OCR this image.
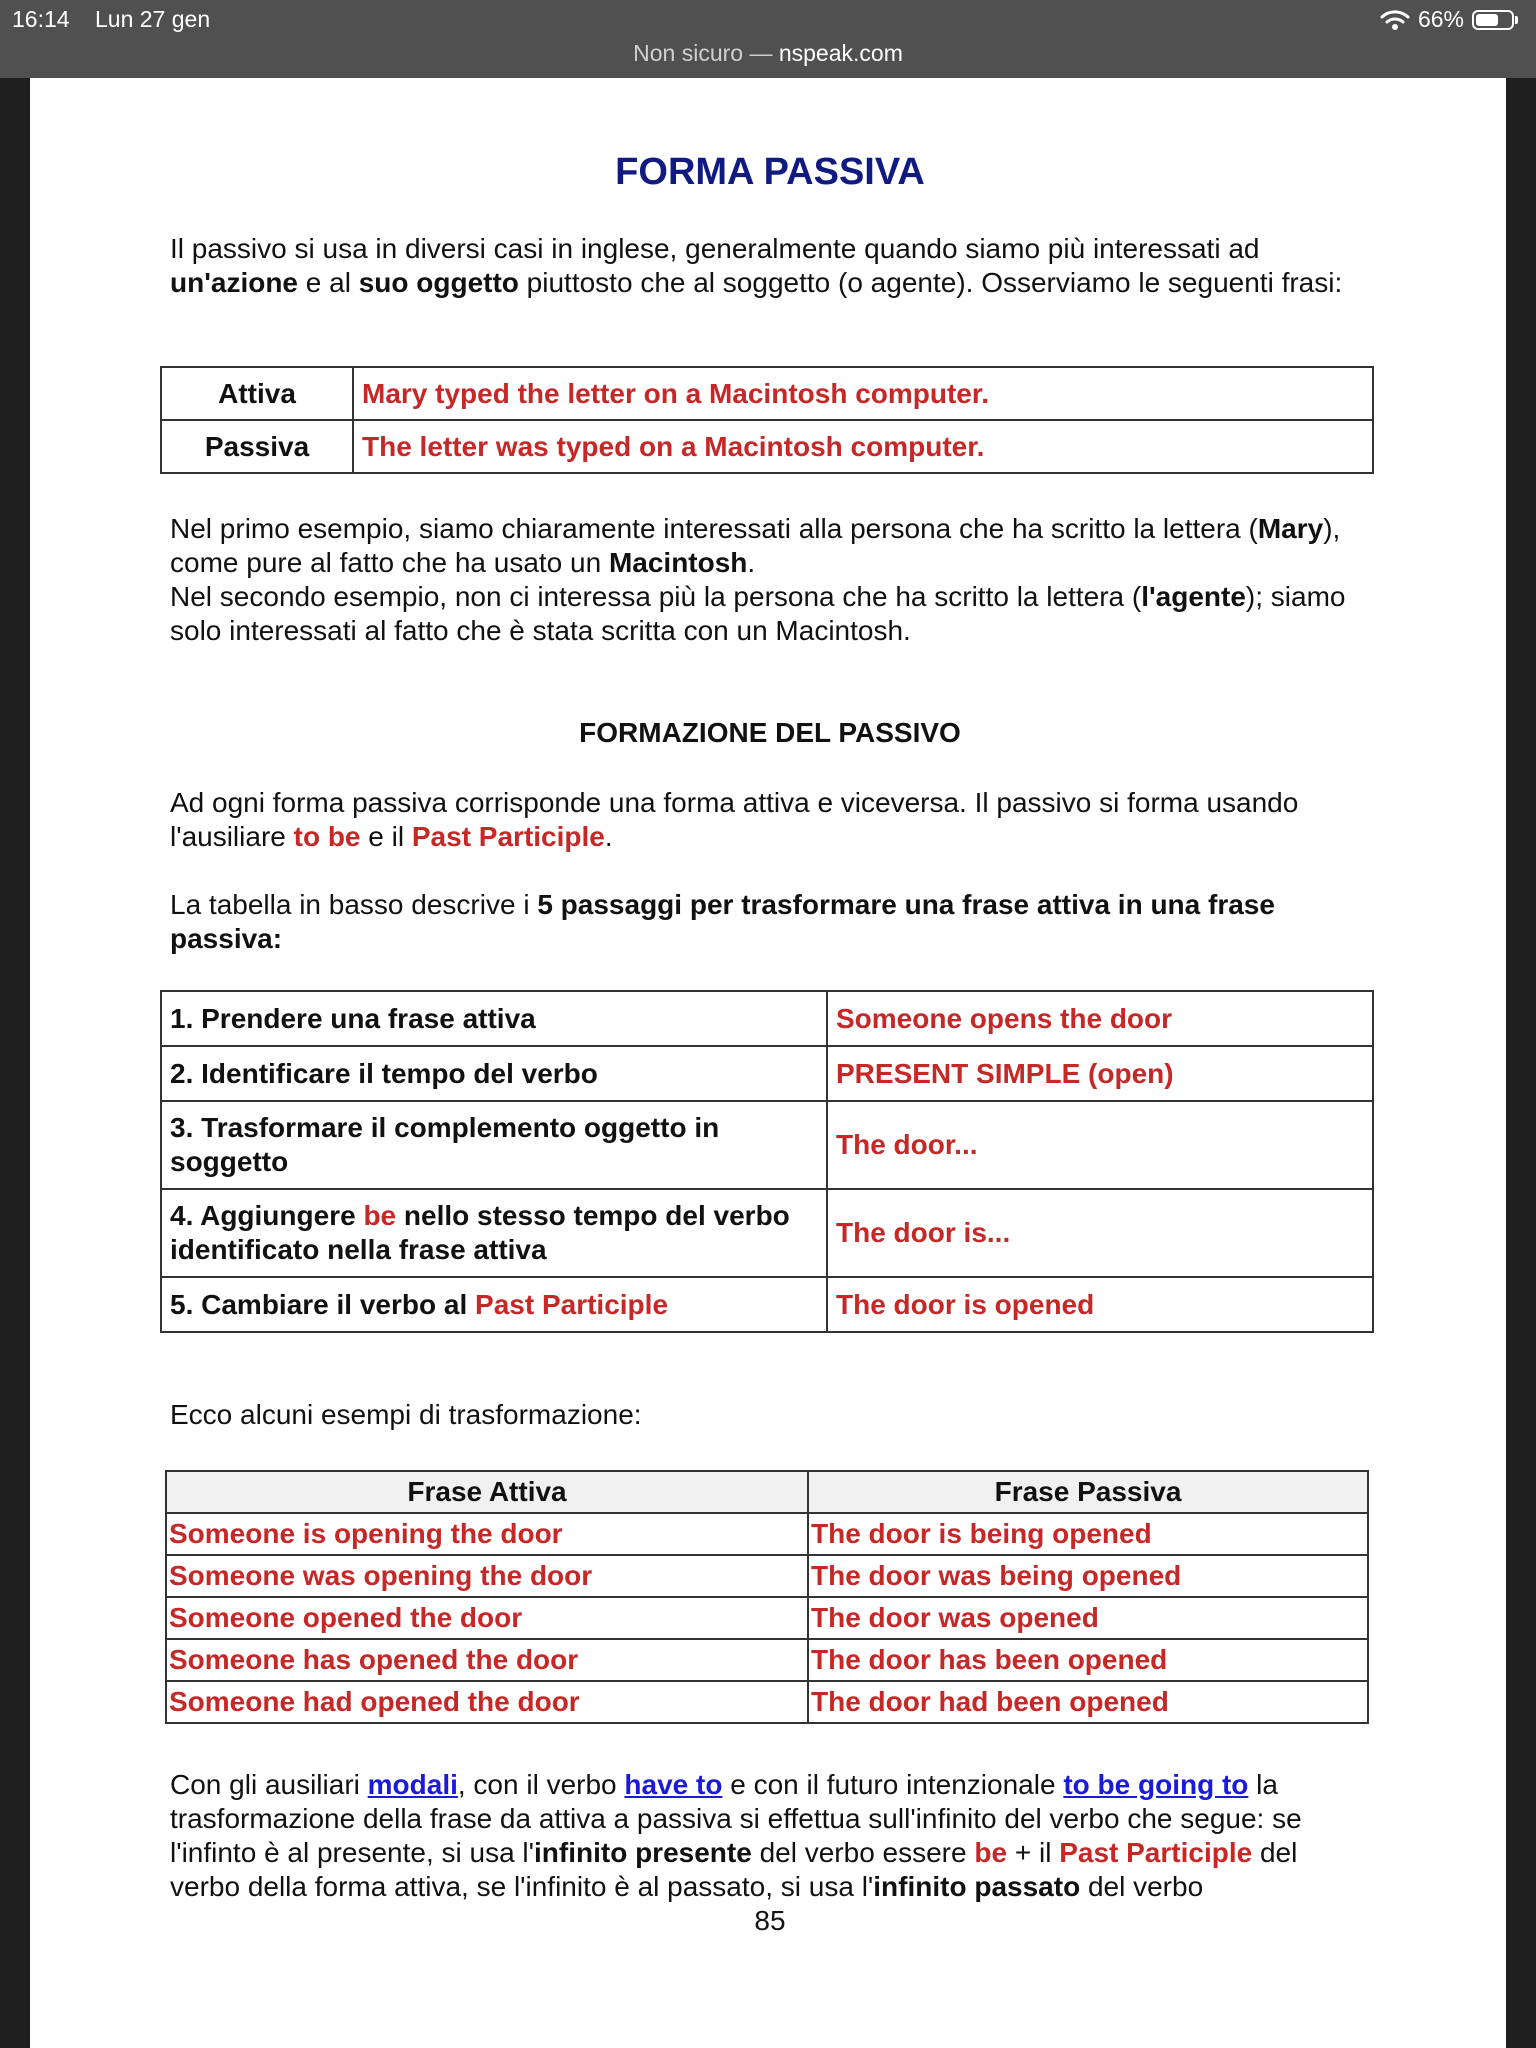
16:14 Lun 27 gen	66%
Non sicuro — nspeak.com
FORMA PASSIVA

Il passivo si usa in diversi casi in inglese, generalmente quando siamo più interessati ad un'azione e al suo oggetto piuttosto che al soggetto (o agente). Osserviamo le seguenti frasi:

Attiva	Mary typed the letter on a Macintosh computer.
Passiva	The letter was typed on a Macintosh computer.

Nel primo esempio, siamo chiaramente interessati alla persona che ha scritto la lettera (Mary), come pure al fatto che ha usato un Macintosh.
Nel secondo esempio, non ci interessa più la persona che ha scritto la lettera (l'agente); siamo solo interessati al fatto che è stata scritta con un Macintosh.

FORMAZIONE DEL PASSIVO

Ad ogni forma passiva corrisponde una forma attiva e viceversa. Il passivo si forma usando l'ausiliare to be e il Past Participle.

La tabella in basso descrive i 5 passaggi per trasformare una frase attiva in una frase passiva:

1. Prendere una frase attiva	Someone opens the door
2. Identificare il tempo del verbo	PRESENT SIMPLE (open)
3. Trasformare il complemento oggetto in soggetto	The door...
4. Aggiungere be nello stesso tempo del verbo identificato nella frase attiva	The door is...
5. Cambiare il verbo al Past Participle	The door is opened

Ecco alcuni esempi di trasformazione:

Frase Attiva	Frase Passiva
Someone is opening the door	The door is being opened
Someone was opening the door	The door was being opened
Someone opened the door	The door was opened
Someone has opened the door	The door has been opened
Someone had opened the door	The door had been opened

Con gli ausiliari modali, con il verbo have to e con il futuro intenzionale to be going to la trasformazione della frase da attiva a passiva si effettua sull'infinito del verbo che segue: se l'infinto è al presente, si usa l'infinito presente del verbo essere be + il Past Participle del verbo della forma attiva, se l'infinito è al passato, si usa l'infinito passato del verbo

85
